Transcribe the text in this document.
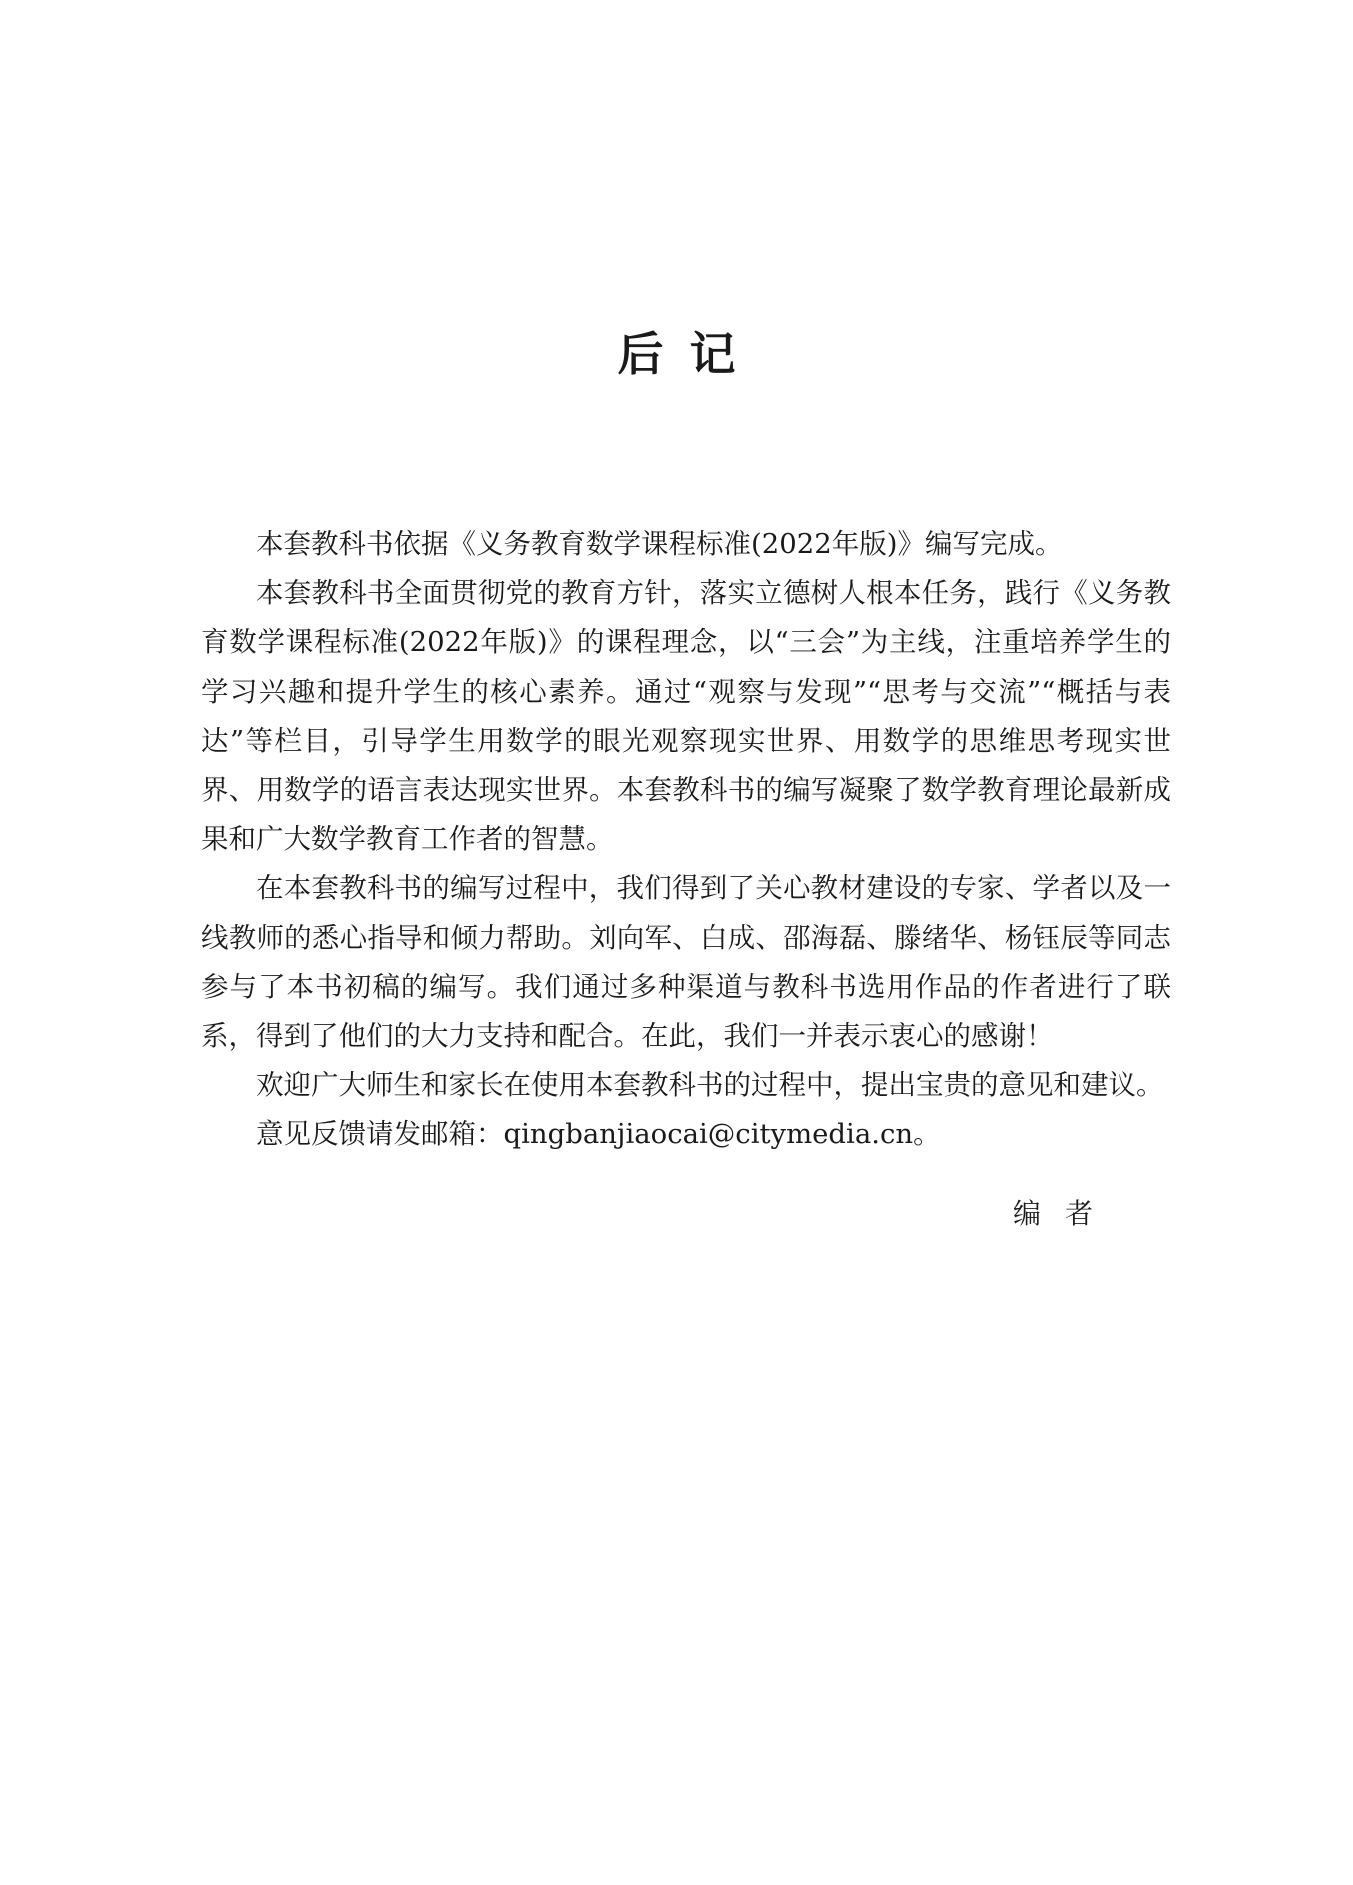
后记

本套教科书依据《义务教育数学课程标准(2022年版)》编写完成。

本套教科书全面贯彻党的教育方针，落实立德树人根本任务，践行《义务教育数学课程标准(2022年版)》的课程理念，以“三会”为主线，注重培养学生的学习兴趣和提升学生的核心素养。通过“观察与发现”“思考与交流”“概括与表达”等栏目，引导学生用数学的眼光观察现实世界、用数学的思维思考现实世界、用数学的语言表达现实世界。本套教科书的编写凝聚了数学教育理论最新成果和广大数学教育工作者的智慧。

在本套教科书的编写过程中，我们得到了关心教材建设的专家、学者以及一线教师的悉心指导和倾力帮助。刘向军、白成、邵海磊、滕绪华、杨钰辰等同志参与了本书初稿的编写。我们通过多种渠道与教科书选用作品的作者进行了联系，得到了他们的大力支持和配合。在此，我们一并表示衷心的感谢！

欢迎广大师生和家长在使用本套教科书的过程中，提出宝贵的意见和建议。

意见反馈请发邮箱：qingbanjiaocai@citymedia.cn。

编者
